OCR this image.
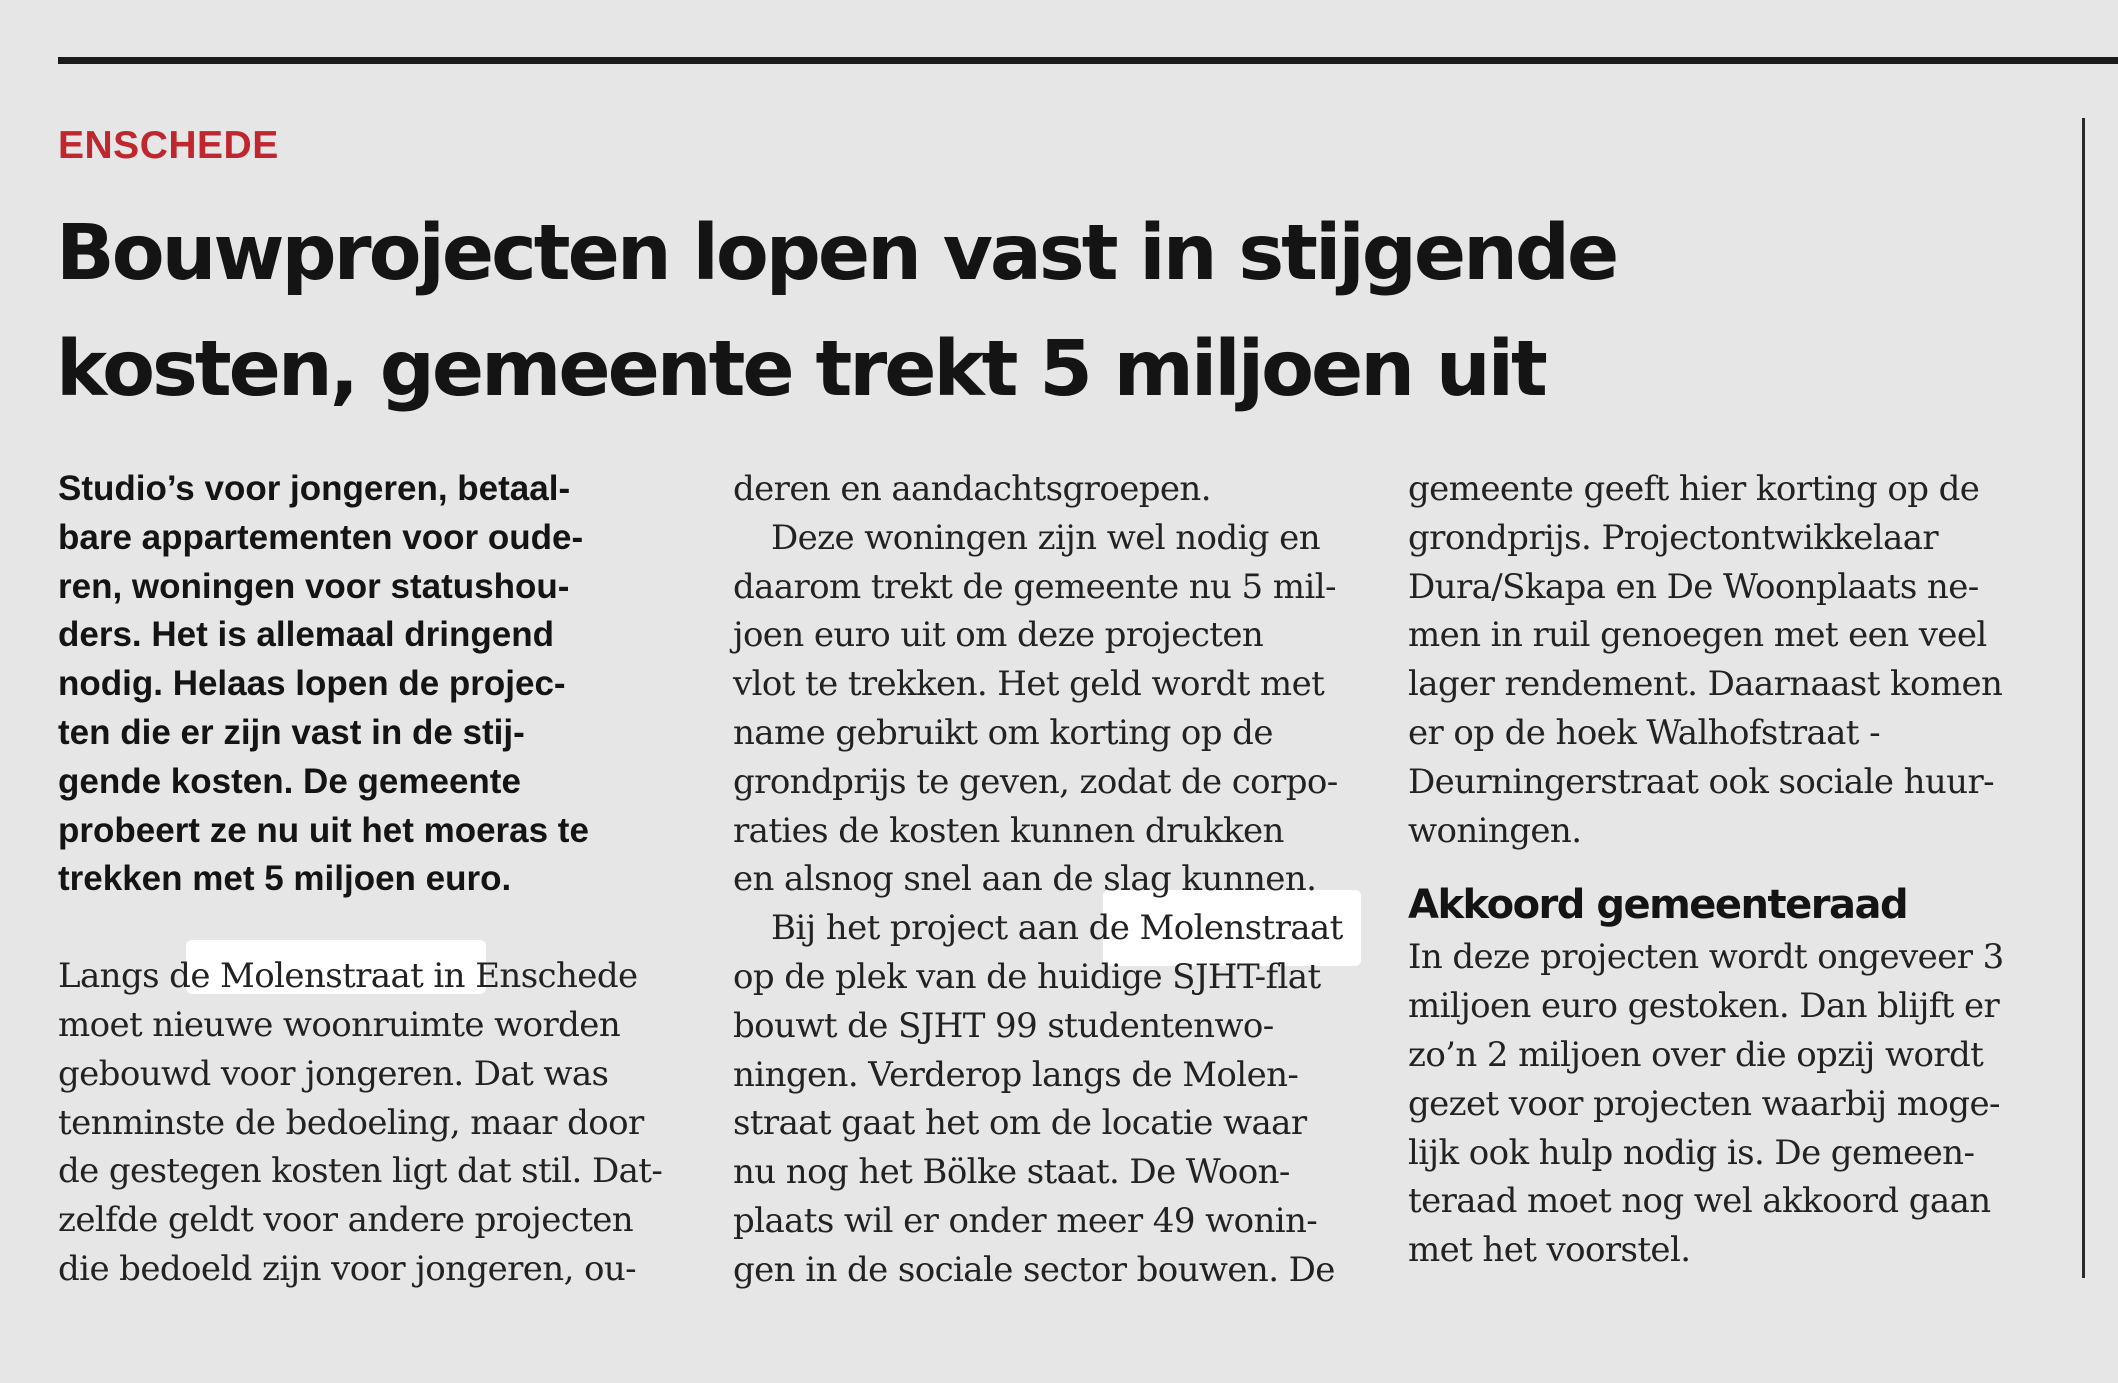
ENSCHEDE
Bouwprojecten lopen vast in stijgende
kosten, gemeente trekt 5 miljoen uit
Studio’s voor jongeren, betaal-
bare appartementen voor oude-
ren, woningen voor statushou-
ders. Het is allemaal dringend
nodig. Helaas lopen de projec-
ten die er zijn vast in de stij-
gende kosten. De gemeente
probeert ze nu uit het moeras te
trekken met 5 miljoen euro.
Langs de Molenstraat in Enschede
moet nieuwe woonruimte worden
gebouwd voor jongeren. Dat was
tenminste de bedoeling, maar door
de gestegen kosten ligt dat stil. Dat-
zelfde geldt voor andere projecten
die bedoeld zijn voor jongeren, ou-
deren en aandachtsgroepen.
Deze woningen zijn wel nodig en
daarom trekt de gemeente nu 5 mil-
joen euro uit om deze projecten
vlot te trekken. Het geld wordt met
name gebruikt om korting op de
grondprijs te geven, zodat de corpo-
raties de kosten kunnen drukken
en alsnog snel aan de slag kunnen.
Bij het project aan de Molenstraat
op de plek van de huidige SJHT-flat
bouwt de SJHT 99 studentenwo-
ningen. Verderop langs de Molen-
straat gaat het om de locatie waar
nu nog het Bölke staat. De Woon-
plaats wil er onder meer 49 wonin-
gen in de sociale sector bouwen. De
gemeente geeft hier korting op de
grondprijs. Projectontwikkelaar
Dura/Skapa en De Woonplaats ne-
men in ruil genoegen met een veel
lager rendement. Daarnaast komen
er op de hoek Walhofstraat -
Deurningerstraat ook sociale huur-
woningen.
Akkoord gemeenteraad
In deze projecten wordt ongeveer 3
miljoen euro gestoken. Dan blijft er
zo’n 2 miljoen over die opzij wordt
gezet voor projecten waarbij moge-
lijk ook hulp nodig is. De gemeen-
teraad moet nog wel akkoord gaan
met het voorstel.
